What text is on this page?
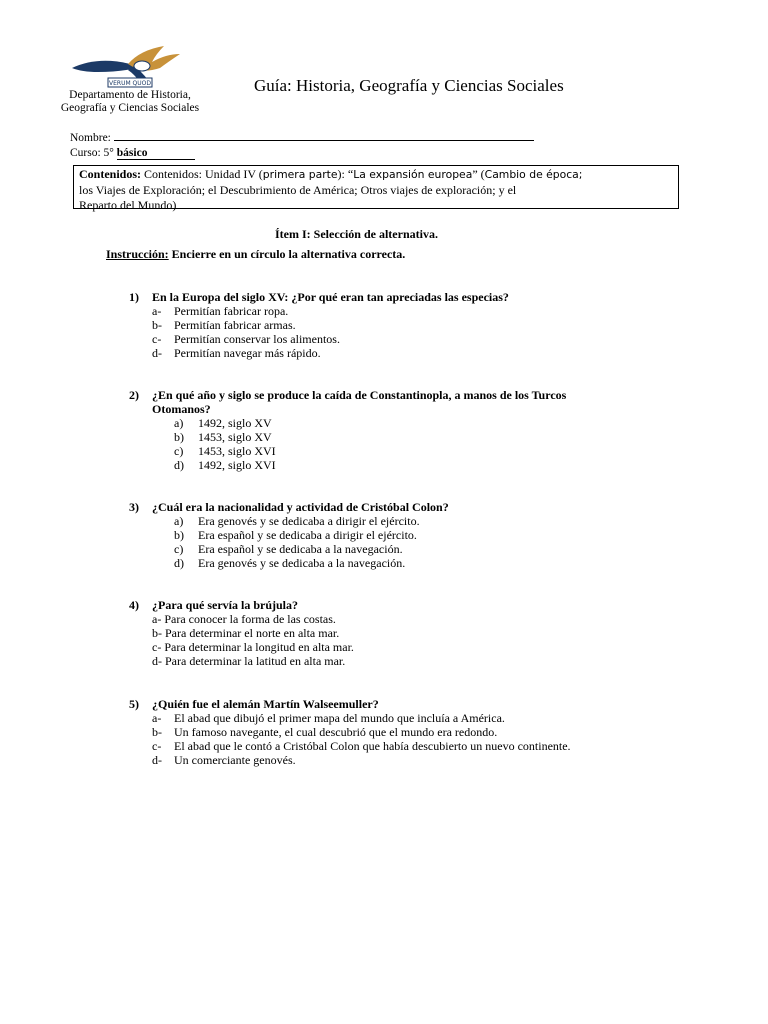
VERUM QUOD
Departamento de Historia,
Geografía y Ciencias Sociales
Guía: Historia, Geografía y Ciencias Sociales
Nombre:
Curso: 5° básico
Contenidos: Contenidos: Unidad IV (primera parte): “La expansión europea” (Cambio de época;
los Viajes de Exploración; el Descubrimiento de América; Otros viajes de exploración; y el
Reparto del Mundo)
Ítem I: Selección de alternativa.
Instrucción: Encierre en un círculo la alternativa correcta.
1) En la Europa del siglo XV: ¿Por qué eran tan apreciadas las especias?
a- Permitían fabricar ropa.
b- Permitían fabricar armas.
c- Permitían conservar los alimentos.
d- Permitían navegar más rápido.
2) ¿En qué año y siglo se produce la caída de Constantinopla, a manos de los Turcos
Otomanos?
a) 1492, siglo XV
b) 1453, siglo XV
c) 1453, siglo XVI
d) 1492, siglo XVI
3) ¿Cuál era la nacionalidad y actividad de Cristóbal Colon?
a) Era genovés y se dedicaba a dirigir el ejército.
b) Era español y se dedicaba a dirigir el ejército.
c) Era español y se dedicaba a la navegación.
d) Era genovés y se dedicaba a la navegación.
4) ¿Para qué servía la brújula?
a- Para conocer la forma de las costas.
b- Para determinar el norte en alta mar.
c- Para determinar la longitud en alta mar.
d- Para determinar la latitud en alta mar.
5) ¿Quién fue el alemán Martín Walseemuller?
a- El abad que dibujó el primer mapa del mundo que incluía a América.
b- Un famoso navegante, el cual descubrió que el mundo era redondo.
c- El abad que le contó a Cristóbal Colon que había descubierto un nuevo continente.
d- Un comerciante genovés.
